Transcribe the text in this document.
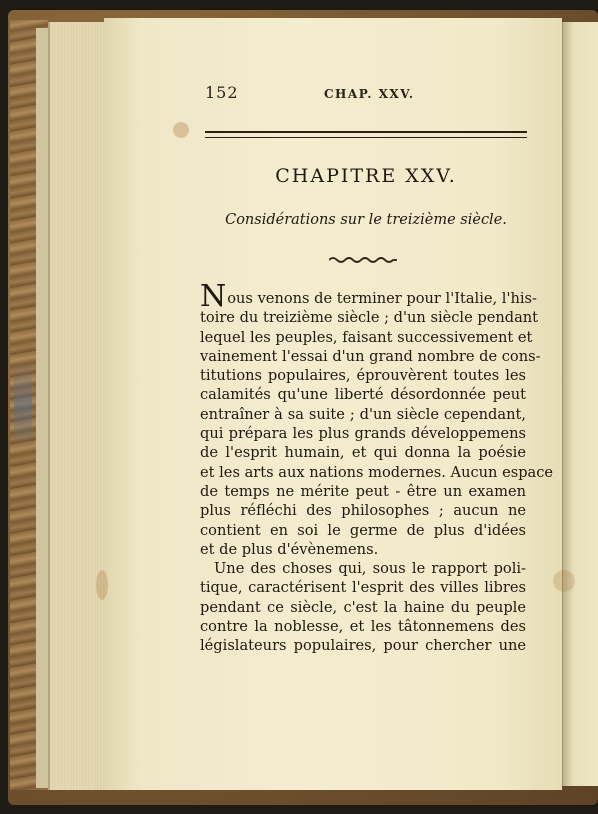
152	CHAP. XXV.
CHAPITRE XXV.
Considérations sur le treizième siècle.
Nous venons de terminer pour l'Italie, l'his-
toire du treizième siècle ; d'un siècle pendant
lequel les peuples, faisant successivement et
vainement l'essai d'un grand nombre de cons-
titutions populaires, éprouvèrent toutes les
calamités qu'une liberté désordonnée peut
entraîner à sa suite ; d'un siècle cependant,
qui prépara les plus grands développemens
de l'esprit humain, et qui donna la poésie
et les arts aux nations modernes. Aucun espace
de temps ne mérite peut - être un examen
plus réfléchi des philosophes ; aucun ne
contient en soi le germe de plus d'idées
et de plus d'évènemens.
Une des choses qui, sous le rapport poli-
tique, caractérisent l'esprit des villes libres
pendant ce siècle, c'est la haine du peuple
contre la noblesse, et les tâtonnemens des
législateurs populaires, pour chercher une
